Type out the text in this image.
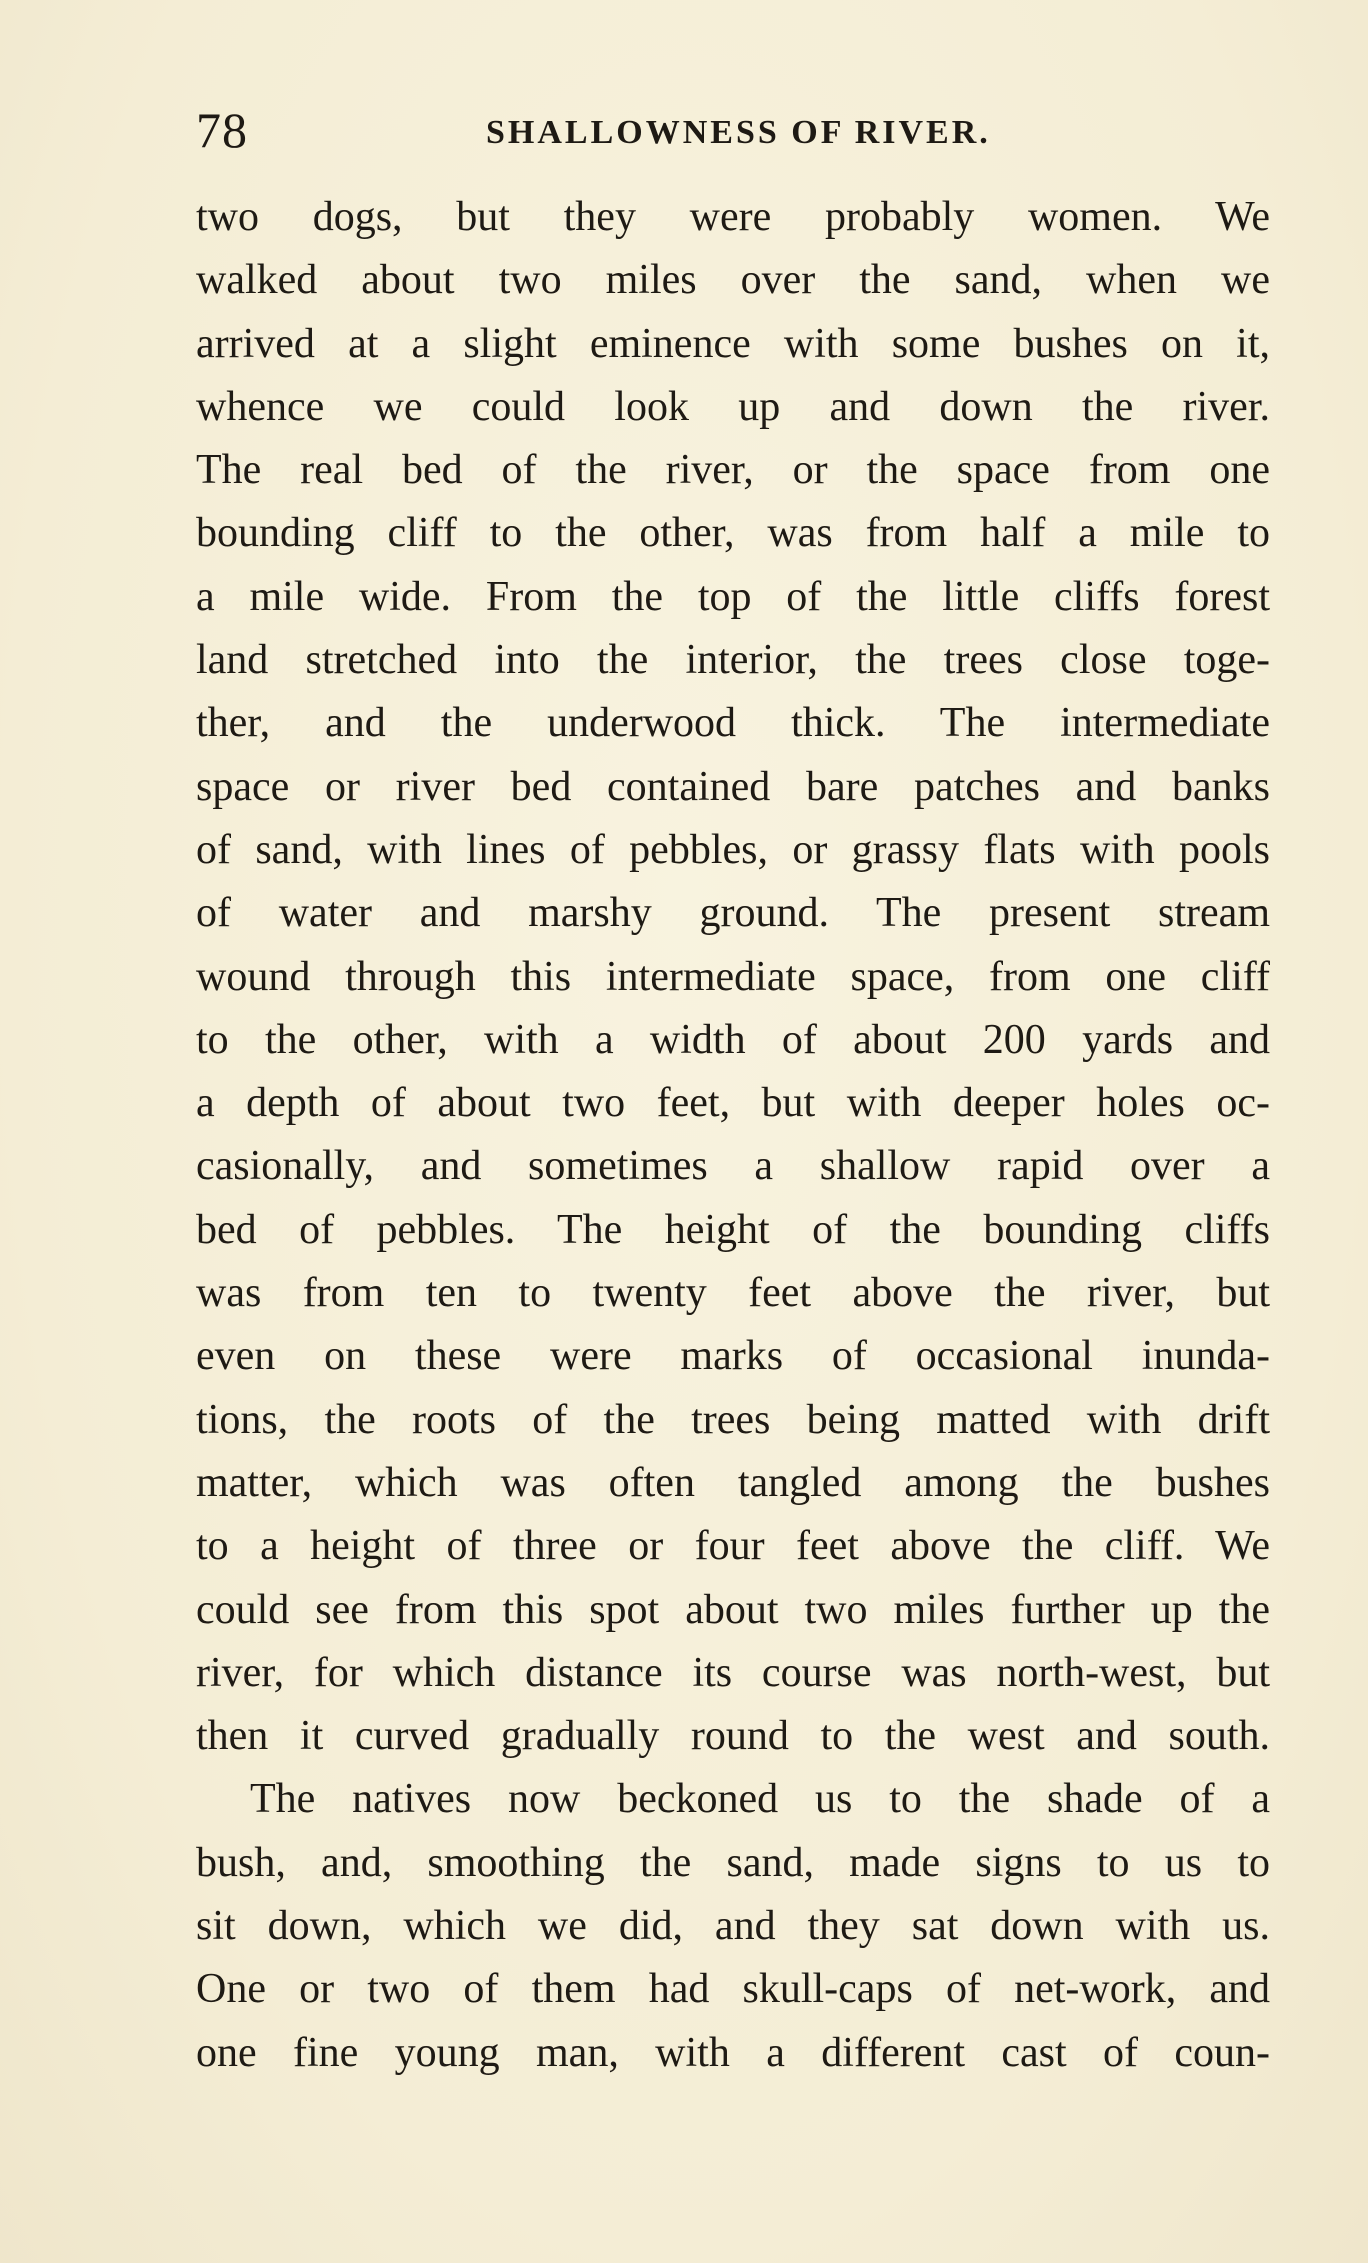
78	SHALLOWNESS OF RIVER.
two dogs, but they were probably women. We
walked about two miles over the sand, when we
arrived at a slight eminence with some bushes on it,
whence we could look up and down the river.
The real bed of the river, or the space from one
bounding cliff to the other, was from half a mile to
a mile wide. From the top of the little cliffs forest
land stretched into the interior, the trees close toge-
ther, and the underwood thick. The intermediate
space or river bed contained bare patches and banks
of sand, with lines of pebbles, or grassy flats with pools
of water and marshy ground. The present stream
wound through this intermediate space, from one cliff
to the other, with a width of about 200 yards and
a depth of about two feet, but with deeper holes oc-
casionally, and sometimes a shallow rapid over a
bed of pebbles. The height of the bounding cliffs
was from ten to twenty feet above the river, but
even on these were marks of occasional inunda-
tions, the roots of the trees being matted with drift
matter, which was often tangled among the bushes
to a height of three or four feet above the cliff. We
could see from this spot about two miles further up the
river, for which distance its course was north-west, but
then it curved gradually round to the west and south.
The natives now beckoned us to the shade of a
bush, and, smoothing the sand, made signs to us to
sit down, which we did, and they sat down with us.
One or two of them had skull-caps of net-work, and
one fine young man, with a different cast of coun-
